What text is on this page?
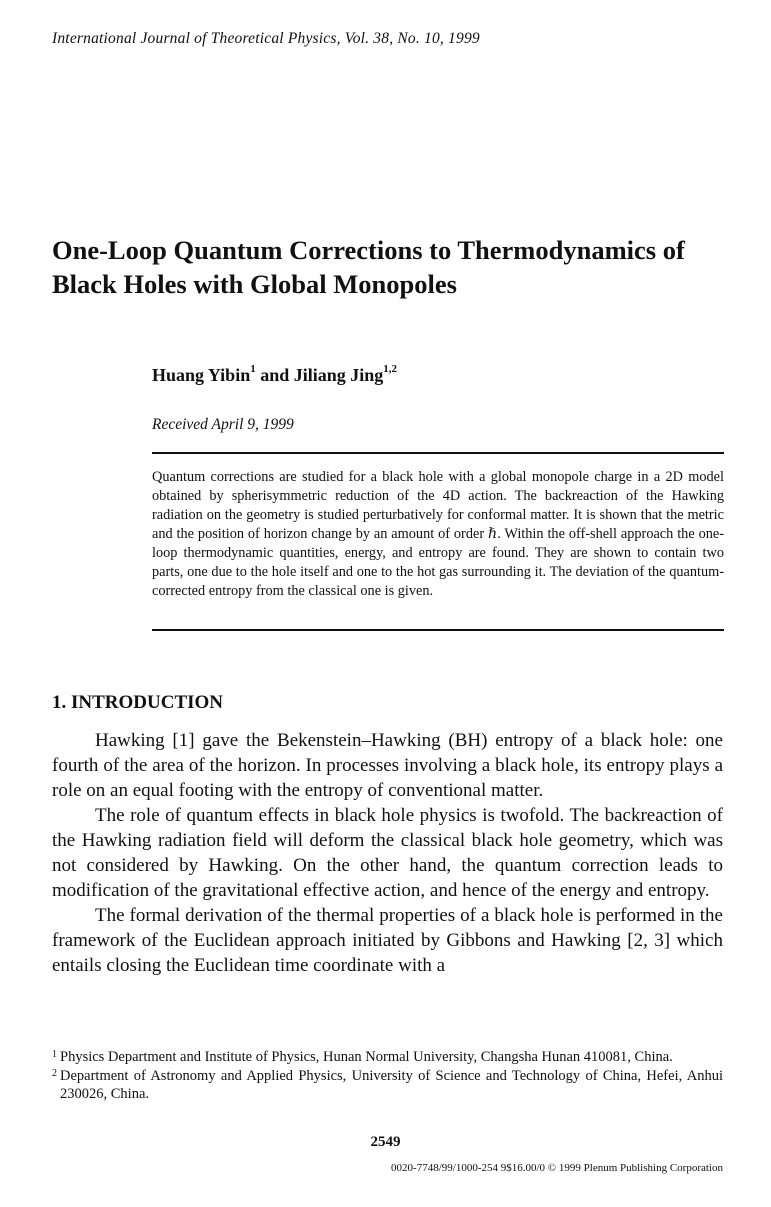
International Journal of Theoretical Physics, Vol. 38, No. 10, 1999
One-Loop Quantum Corrections to Thermodynamics of Black Holes with Global Monopoles
Huang Yibin$^1$ and Jiliang Jing$^{1,2}$
Received April 9, 1999
Quantum corrections are studied for a black hole with a global monopole charge in a 2D model obtained by spherisymmetric reduction of the 4D action. The backreaction of the Hawking radiation on the geometry is studied perturbatively for conformal matter. It is shown that the metric and the position of horizon change by an amount of order ℏ. Within the off-shell approach the one-loop thermodynamic quantities, energy, and entropy are found. They are shown to contain two parts, one due to the hole itself and one to the hot gas surrounding it. The deviation of the quantum-corrected entropy from the classical one is given.
1. INTRODUCTION

Hawking [1] gave the Bekenstein–Hawking (BH) entropy of a black hole: one fourth of the area of the horizon. In processes involving a black hole, its entropy plays a role on an equal footing with the entropy of conventional matter.

The role of quantum effects in black hole physics is twofold. The backreaction of the Hawking radiation field will deform the classical black hole geometry, which was not considered by Hawking. On the other hand, the quantum correction leads to modification of the gravitational effective action, and hence of the energy and entropy.

The formal derivation of the thermal properties of a black hole is performed in the framework of the Euclidean approach initiated by Gibbons and Hawking [2, 3] which entails closing the Euclidean time coordinate with a

1 Physics Department and Institute of Physics, Hunan Normal University, Changsha Hunan 410081, China.
2 Department of Astronomy and Applied Physics, University of Science and Technology of China, Hefei, Anhui 230026, China.
2549
0020-7748/99/1000-254 9$16.00/0 © 1999 Plenum Publishing Corporation
